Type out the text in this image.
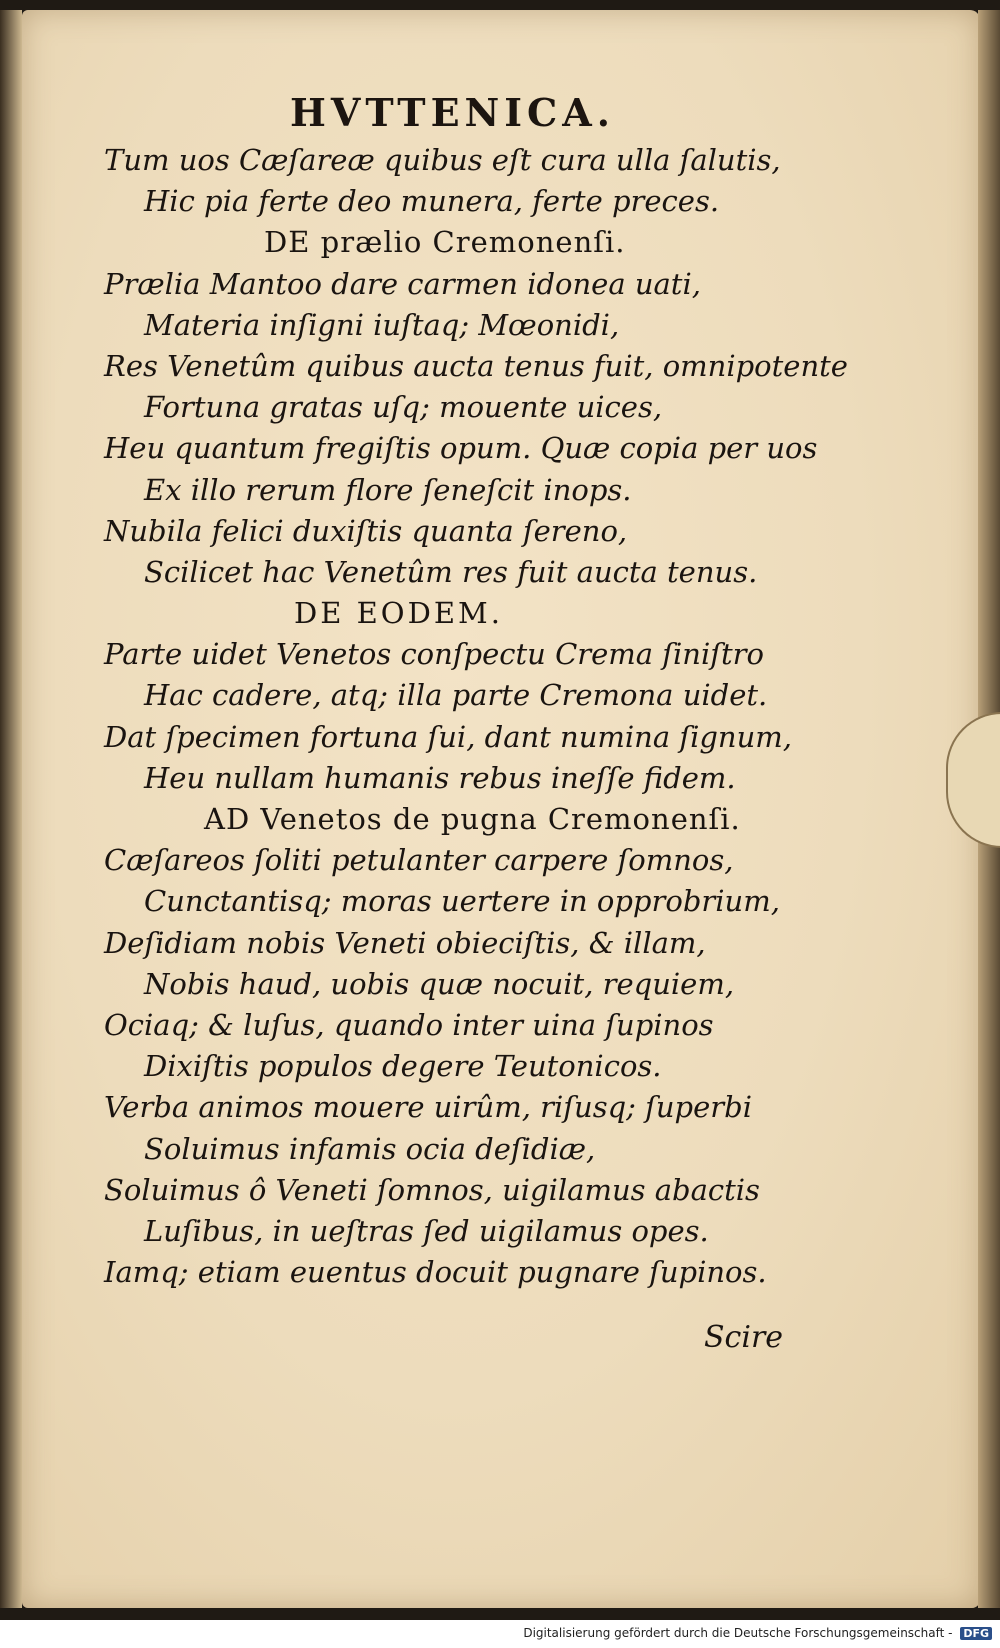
HVTTENICA.
Tum uos Cæſareæ quibus eſt cura ulla ſalutis,
Hic pia ferte deo munera, ferte preces.
DE prælio Cremonenſi.
Prælia Mantoo dare carmen idonea uati,
Materia inſigni iuſtaq; Mœonidi,
Res Venetûm quibus aucta tenus fuit, omnipotente
Fortuna gratas uſq; mouente uices,
Heu quantum fregiſtis opum. Quæ copia per uos
Ex illo rerum flore ſeneſcit inops.
Nubila felici duxiſtis quanta ſereno,
Scilicet hac Venetûm res fuit aucta tenus.
DE EODEM.
Parte uidet Venetos conſpectu Crema ſiniſtro
Hac cadere, atq; illa parte Cremona uidet.
Dat ſpecimen fortuna ſui, dant numina ſignum,
Heu nullam humanis rebus ineſſe fidem.
AD Venetos de pugna Cremonenſi.
Cæſareos ſoliti petulanter carpere ſomnos,
Cunctantisq; moras uertere in opprobrium,
Deſidiam nobis Veneti obieciſtis, & illam,
Nobis haud, uobis quæ nocuit, requiem,
Ociaq; & luſus, quando inter uina ſupinos
Dixiſtis populos degere Teutonicos.
Verba animos mouere uirûm, riſusq; ſuperbi
Soluimus infamis ocia deſidiæ,
Soluimus ô Veneti ſomnos, uigilamus abactis
Luſibus, in ueſtras ſed uigilamus opes.
Iamq; etiam euentus docuit pugnare ſupinos.
Scire
Digitalisierung gefördert durch die Deutsche Forschungsgemeinschaft - DFG
